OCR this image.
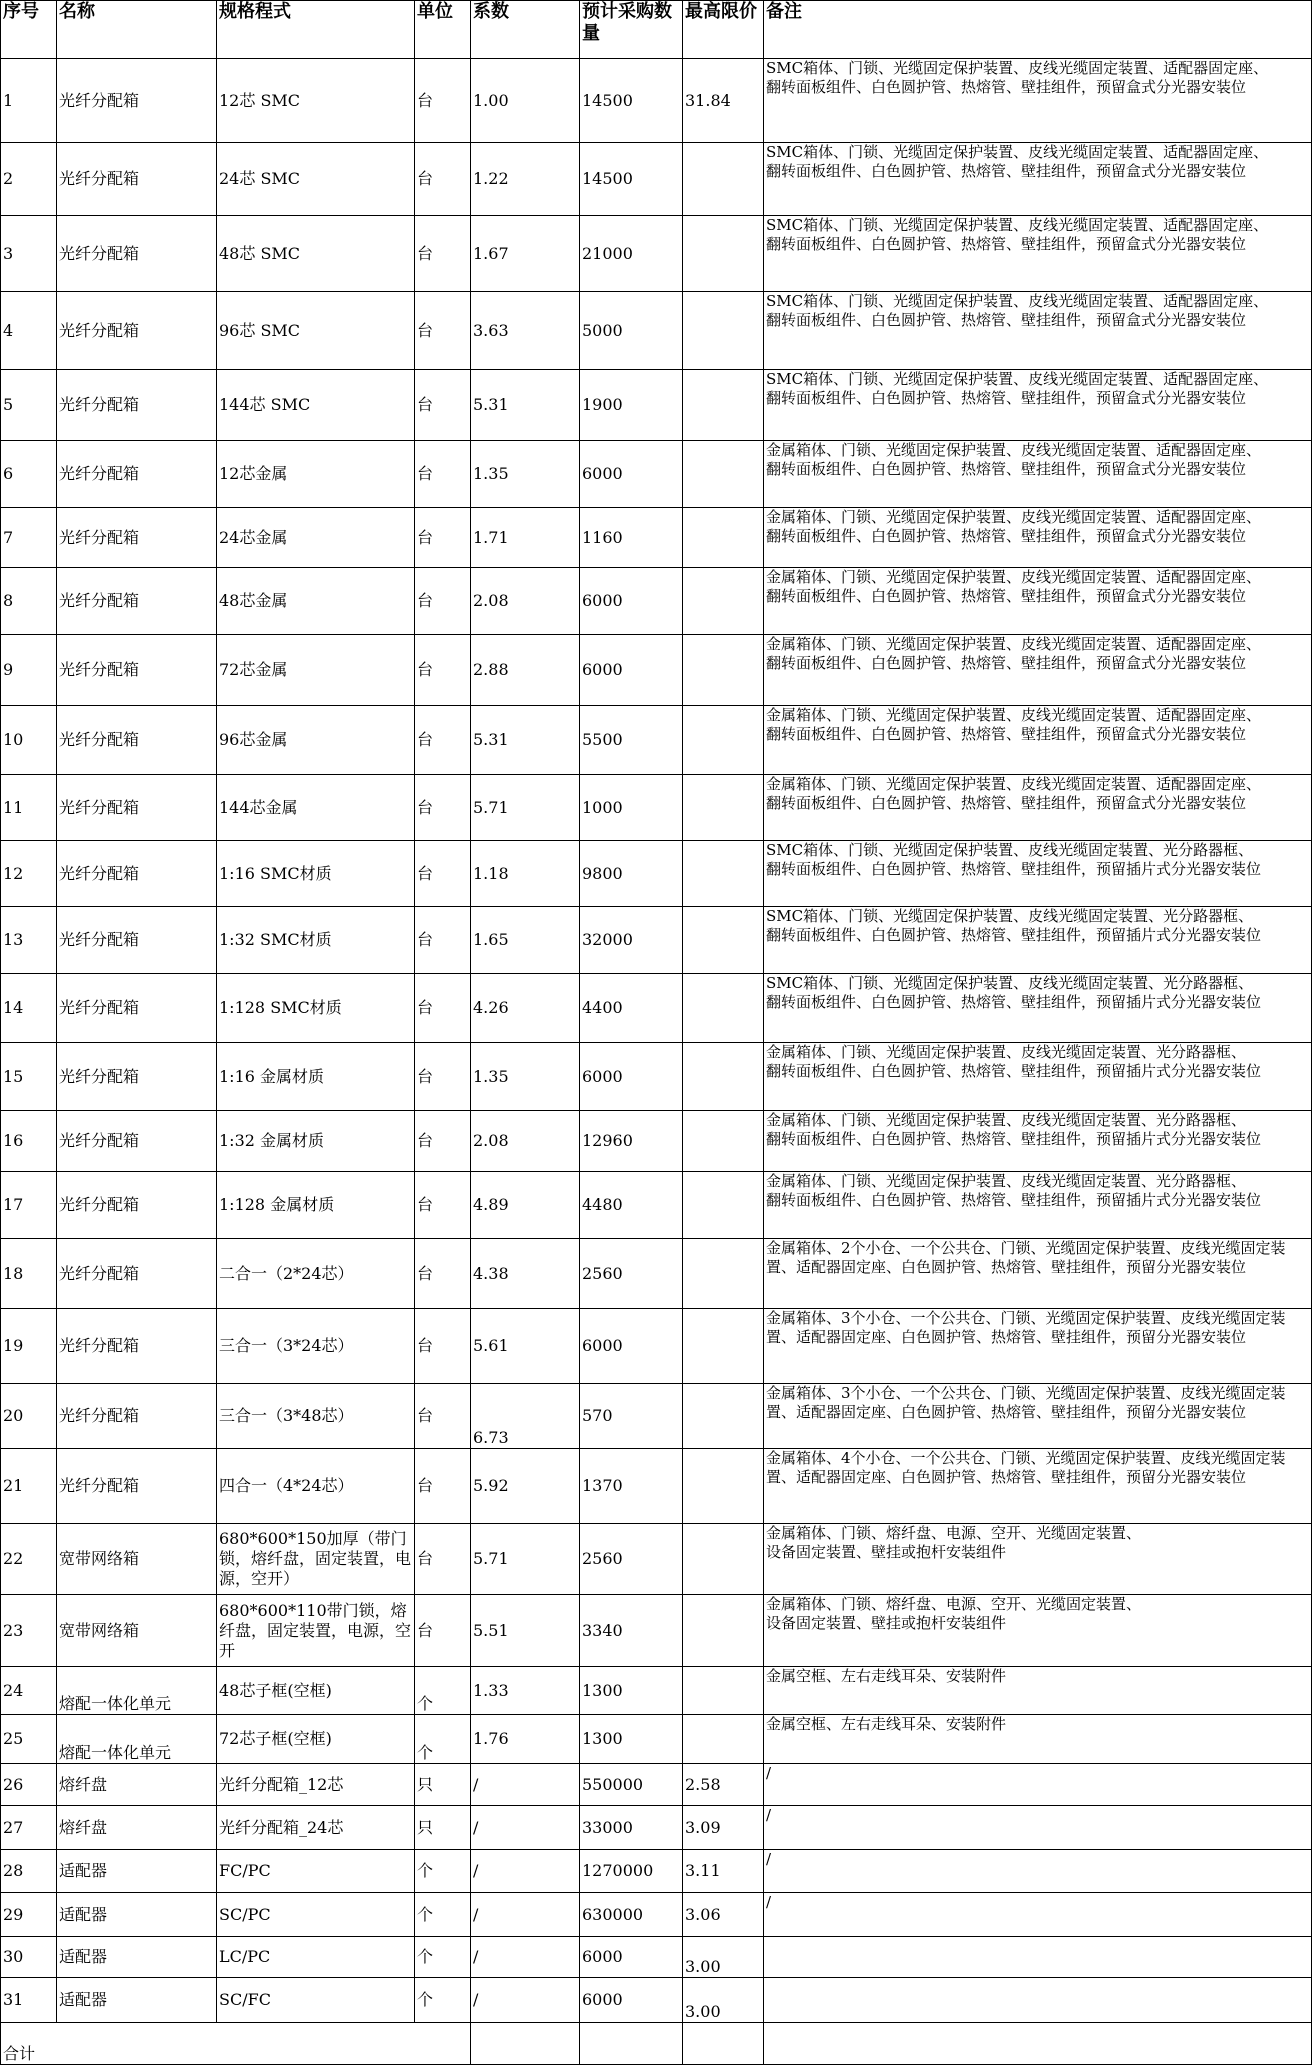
序号	名称	规格程式	单位	系数	预计采购数量	最高限价	备注
1	光纤分配箱	12芯 SMC	台	1.00	14500	31.84	SMC箱体、门锁、光缆固定保护装置、皮线光缆固定装置、适配器固定座、
翻转面板组件、白色圆护管、热熔管、壁挂组件，预留盒式分光器安装位

2	光纤分配箱	24芯 SMC	台	1.22	14500		SMC箱体、门锁、光缆固定保护装置、皮线光缆固定装置、适配器固定座、
翻转面板组件、白色圆护管、热熔管、壁挂组件，预留盒式分光器安装位

3	光纤分配箱	48芯 SMC	台	1.67	21000		SMC箱体、门锁、光缆固定保护装置、皮线光缆固定装置、适配器固定座、
翻转面板组件、白色圆护管、热熔管、壁挂组件，预留盒式分光器安装位

4	光纤分配箱	96芯 SMC	台	3.63	5000		SMC箱体、门锁、光缆固定保护装置、皮线光缆固定装置、适配器固定座、
翻转面板组件、白色圆护管、热熔管、壁挂组件，预留盒式分光器安装位

5	光纤分配箱	144芯 SMC	台	5.31	1900		SMC箱体、门锁、光缆固定保护装置、皮线光缆固定装置、适配器固定座、
翻转面板组件、白色圆护管、热熔管、壁挂组件，预留盒式分光器安装位

6	光纤分配箱	12芯金属	台	1.35	6000		金属箱体、门锁、光缆固定保护装置、皮线光缆固定装置、适配器固定座、
翻转面板组件、白色圆护管、热熔管、壁挂组件，预留盒式分光器安装位

7	光纤分配箱	24芯金属	台	1.71	1160		金属箱体、门锁、光缆固定保护装置、皮线光缆固定装置、适配器固定座、
翻转面板组件、白色圆护管、热熔管、壁挂组件，预留盒式分光器安装位

8	光纤分配箱	48芯金属	台	2.08	6000		金属箱体、门锁、光缆固定保护装置、皮线光缆固定装置、适配器固定座、
翻转面板组件、白色圆护管、热熔管、壁挂组件，预留盒式分光器安装位

9	光纤分配箱	72芯金属	台	2.88	6000		金属箱体、门锁、光缆固定保护装置、皮线光缆固定装置、适配器固定座、
翻转面板组件、白色圆护管、热熔管、壁挂组件，预留盒式分光器安装位

10	光纤分配箱	96芯金属	台	5.31	5500		金属箱体、门锁、光缆固定保护装置、皮线光缆固定装置、适配器固定座、
翻转面板组件、白色圆护管、热熔管、壁挂组件，预留盒式分光器安装位

11	光纤分配箱	144芯金属	台	5.71	1000		金属箱体、门锁、光缆固定保护装置、皮线光缆固定装置、适配器固定座、
翻转面板组件、白色圆护管、热熔管、壁挂组件，预留盒式分光器安装位

12	光纤分配箱	1:16 SMC材质	台	1.18	9800		SMC箱体、门锁、光缆固定保护装置、皮线光缆固定装置、光分路器框、
翻转面板组件、白色圆护管、热熔管、壁挂组件，预留插片式分光器安装位

13	光纤分配箱	1:32 SMC材质	台	1.65	32000		SMC箱体、门锁、光缆固定保护装置、皮线光缆固定装置、光分路器框、
翻转面板组件、白色圆护管、热熔管、壁挂组件，预留插片式分光器安装位

14	光纤分配箱	1:128 SMC材质	台	4.26	4400		SMC箱体、门锁、光缆固定保护装置、皮线光缆固定装置、光分路器框、
翻转面板组件、白色圆护管、热熔管、壁挂组件，预留插片式分光器安装位

15	光纤分配箱	1:16 金属材质	台	1.35	6000		金属箱体、门锁、光缆固定保护装置、皮线光缆固定装置、光分路器框、
翻转面板组件、白色圆护管、热熔管、壁挂组件，预留插片式分光器安装位

16	光纤分配箱	1:32 金属材质	台	2.08	12960		金属箱体、门锁、光缆固定保护装置、皮线光缆固定装置、光分路器框、
翻转面板组件、白色圆护管、热熔管、壁挂组件，预留插片式分光器安装位

17	光纤分配箱	1:128 金属材质	台	4.89	4480		金属箱体、门锁、光缆固定保护装置、皮线光缆固定装置、光分路器框、
翻转面板组件、白色圆护管、热熔管、壁挂组件，预留插片式分光器安装位

18	光纤分配箱	二合一（2*24芯）	台	4.38	2560		金属箱体、2个小仓、一个公共仓、门锁、光缆固定保护装置、皮线光缆固定装置、适配器固定座、白色圆护管、热熔管、壁挂组件，预留分光器安装位

19	光纤分配箱	三合一（3*24芯）	台	5.61	6000		金属箱体、3个小仓、一个公共仓、门锁、光缆固定保护装置、皮线光缆固定装置、适配器固定座、白色圆护管、热熔管、壁挂组件，预留分光器安装位

20	光纤分配箱	三合一（3*48芯）	台	6.73	570		金属箱体、3个小仓、一个公共仓、门锁、光缆固定保护装置、皮线光缆固定装置、适配器固定座、白色圆护管、热熔管、壁挂组件，预留分光器安装位

21	光纤分配箱	四合一（4*24芯）	台	5.92	1370		金属箱体、4个小仓、一个公共仓、门锁、光缆固定保护装置、皮线光缆固定装置、适配器固定座、白色圆护管、热熔管、壁挂组件，预留分光器安装位

22	宽带网络箱	680*600*150加厚（带门锁，熔纤盘，固定装置，电源，空开）	台	5.71	2560		金属箱体、门锁、熔纤盘、电源、空开、光缆固定装置、
设备固定装置、壁挂或抱杆安装组件

23	宽带网络箱	680*600*110带门锁，熔纤盘，固定装置，电源，空开	台	5.51	3340		金属箱体、门锁、熔纤盘、电源、空开、光缆固定装置、
设备固定装置、壁挂或抱杆安装组件

24	熔配一体化单元	48芯子框(空框)	个	1.33	1300		金属空框、左右走线耳朵、安装附件

25	熔配一体化单元	72芯子框(空框)	个	1.76	1300		金属空框、左右走线耳朵、安装附件

26	熔纤盘	光纤分配箱_12芯	只	/	550000	2.58	/

27	熔纤盘	光纤分配箱_24芯	只	/	33000	3.09	/

28	适配器	FC/PC	个	/	1270000	3.11	/

29	适配器	SC/PC	个	/	630000	3.06	/

30	适配器	LC/PC	个	/	6000	3.00	

31	适配器	SC/FC	个	/	6000	3.00	

合计							
